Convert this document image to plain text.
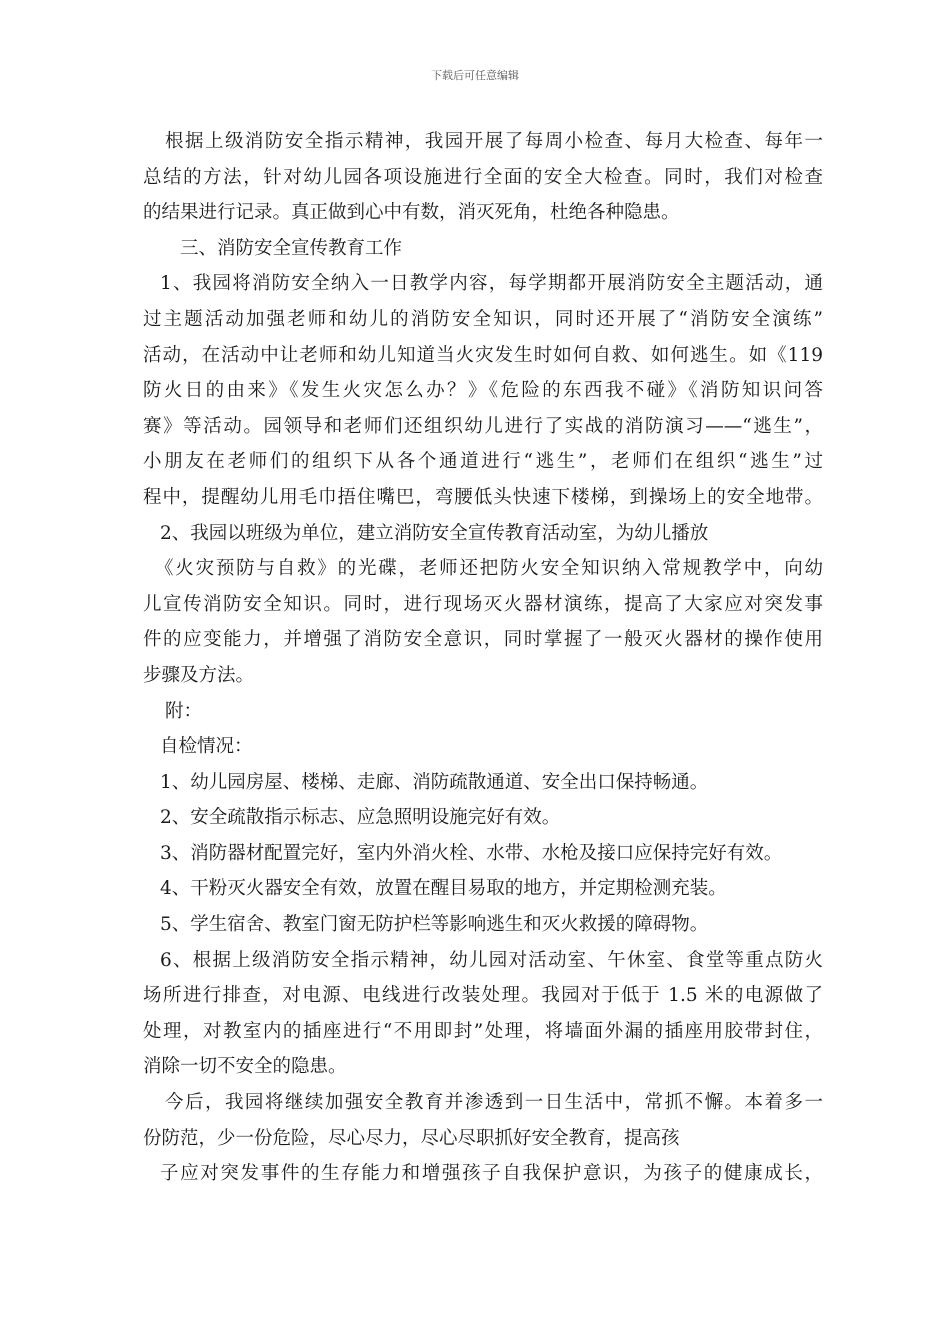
下载后可任意编辑
根据上级消防安全指示精神，我园开展了每周小检查、每月大检查、每年一
总结的方法，针对幼儿园各项设施进行全面的安全大检查。同时，我们对检查
的结果进行记录。真正做到心中有数，消灭死角，杜绝各种隐患。
三、消防安全宣传教育工作
1、我园将消防安全纳入一日教学内容，每学期都开展消防安全主题活动，通
过主题活动加强老师和幼儿的消防安全知识，同时还开展了“消防安全演练”
活动，在活动中让老师和幼儿知道当火灾发生时如何自救、如何逃生。如《119
防火日的由来》《发生火灾怎么办？》《危险的东西我不碰》《消防知识问答
赛》等活动。园领导和老师们还组织幼儿进行了实战的消防演习——“逃生”，
小朋友在老师们的组织下从各个通道进行“逃生”，老师们在组织“逃生”过
程中，提醒幼儿用毛巾捂住嘴巴，弯腰低头快速下楼梯，到操场上的安全地带。
2、我园以班级为单位，建立消防安全宣传教育活动室，为幼儿播放
《火灾预防与自救》的光碟，老师还把防火安全知识纳入常规教学中，向幼
儿宣传消防安全知识。同时，进行现场灭火器材演练，提高了大家应对突发事
件的应变能力，并增强了消防安全意识，同时掌握了一般灭火器材的操作使用
步骤及方法。
附：
自检情况：
1、幼儿园房屋、楼梯、走廊、消防疏散通道、安全出口保持畅通。
2、安全疏散指示标志、应急照明设施完好有效。
3、消防器材配置完好，室内外消火栓、水带、水枪及接口应保持完好有效。
4、干粉灭火器安全有效，放置在醒目易取的地方，并定期检测充装。
5、学生宿舍、教室门窗无防护栏等影响逃生和灭火救援的障碍物。
6、根据上级消防安全指示精神，幼儿园对活动室、午休室、食堂等重点防火
场所进行排查，对电源、电线进行改装处理。我园对于低于 1.5 米的电源做了
处理，对教室内的插座进行“不用即封”处理，将墙面外漏的插座用胶带封住，
消除一切不安全的隐患。
今后，我园将继续加强安全教育并渗透到一日生活中，常抓不懈。本着多一
份防范，少一份危险，尽心尽力，尽心尽职抓好安全教育，提高孩
子应对突发事件的生存能力和增强孩子自我保护意识，为孩子的健康成长，
